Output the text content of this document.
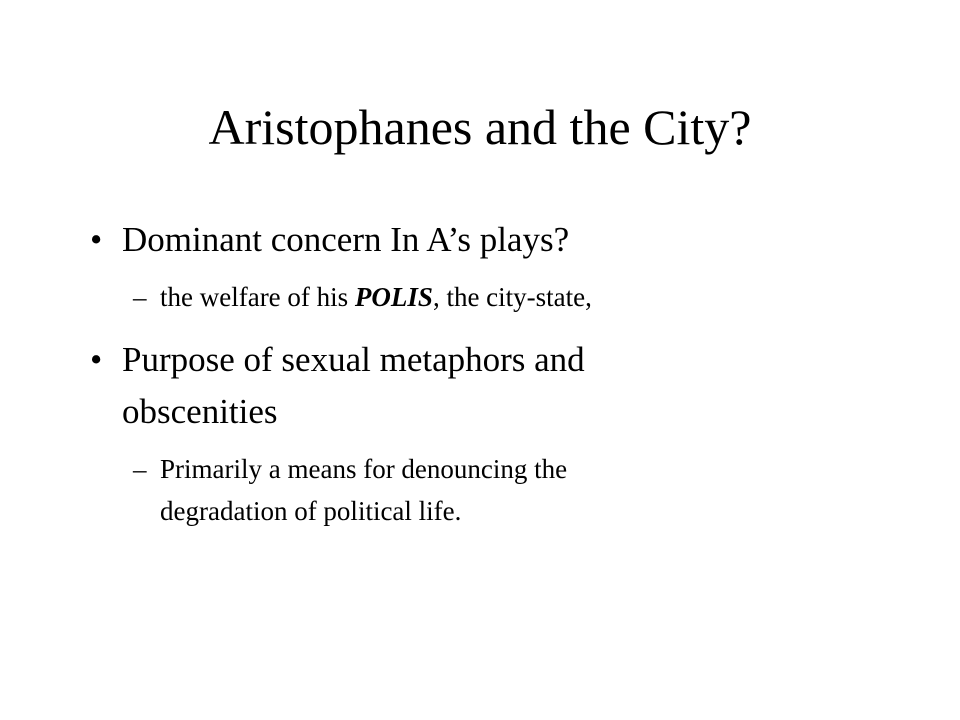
Aristophanes and the City?
• Dominant concern In A’s plays?
– the welfare of his POLIS, the city-state,
• Purpose of sexual metaphors and
obscenities
– Primarily a means for denouncing the
degradation of political life.
